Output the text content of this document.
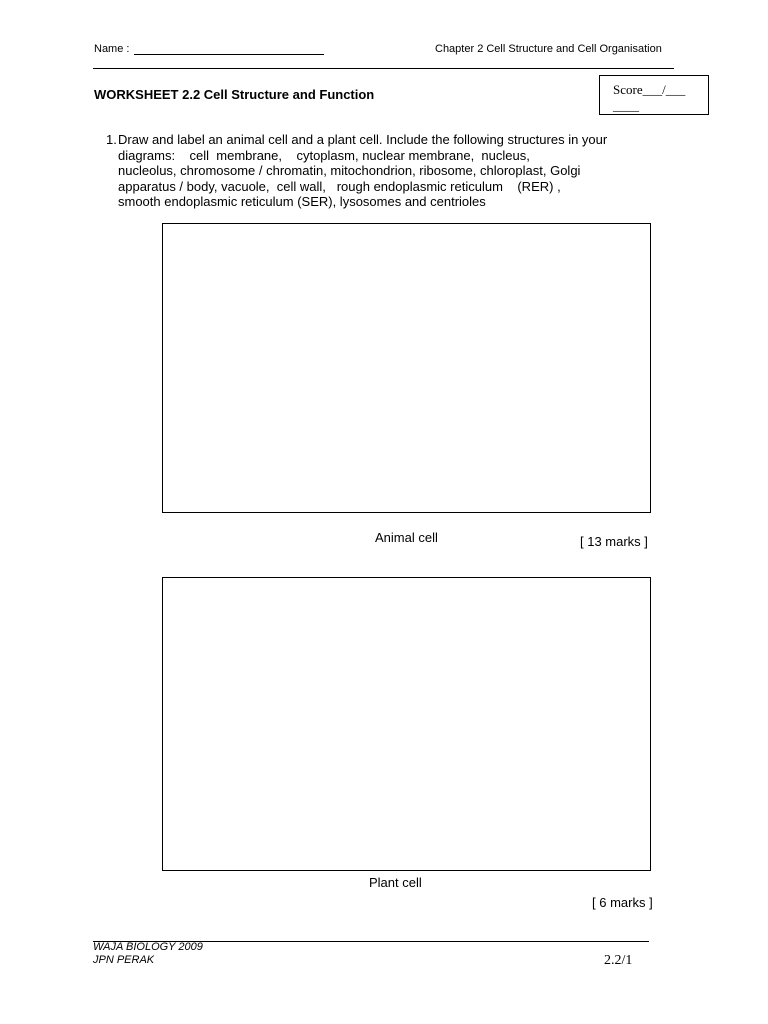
Name :	Chapter 2 Cell Structure and Cell Organisation
WORKSHEET 2.2 Cell Structure and Function	Score___/___
____
1. Draw and label an animal cell and a plant cell. Include the following structures in your
diagrams:    cell  membrane,    cytoplasm, nuclear membrane,  nucleus,
nucleolus, chromosome / chromatin, mitochondrion, ribosome, chloroplast, Golgi
apparatus / body, vacuole,  cell wall,   rough endoplasmic reticulum    (RER) ,
smooth endoplasmic reticulum (SER), lysosomes and centrioles
Animal cell	[ 13 marks ]
Plant cell
[ 6 marks ]
WAJA BIOLOGY 2009
JPN PERAK	2.2/1
